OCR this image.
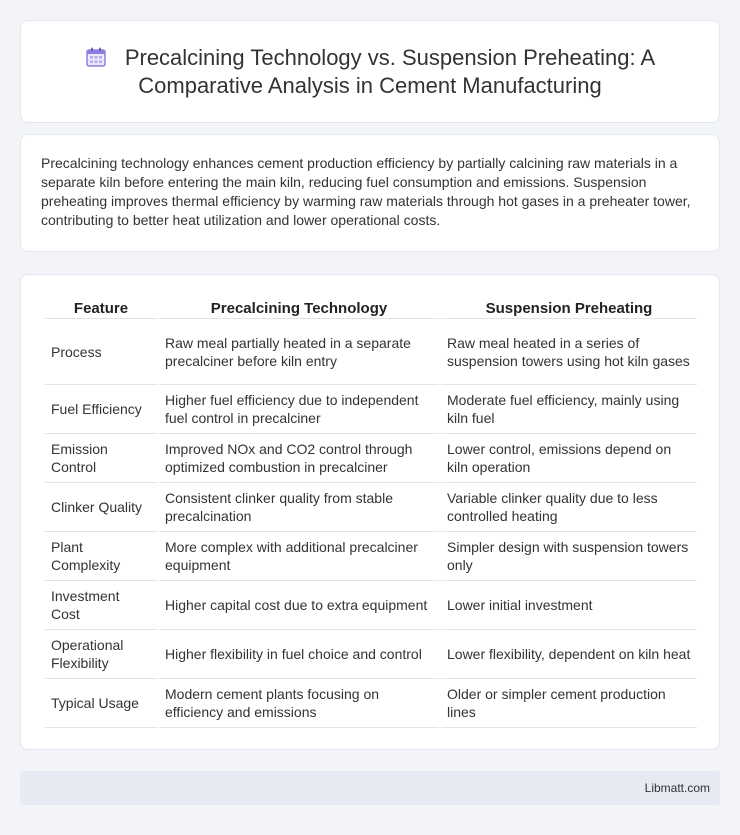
Precalcining Technology vs. Suspension Preheating: A Comparative Analysis in Cement Manufacturing

Precalcining technology enhances cement production efficiency by partially calcining raw materials in a separate kiln before entering the main kiln, reducing fuel consumption and emissions. Suspension preheating improves thermal efficiency by warming raw materials through hot gases in a preheater tower, contributing to better heat utilization and lower operational costs.

Feature	Precalcining Technology	Suspension Preheating
Process	Raw meal partially heated in a separate precalciner before kiln entry	Raw meal heated in a series of suspension towers using hot kiln gases
Fuel Efficiency	Higher fuel efficiency due to independent fuel control in precalciner	Moderate fuel efficiency, mainly using kiln fuel
Emission Control	Improved NOx and CO2 control through optimized combustion in precalciner	Lower control, emissions depend on kiln operation
Clinker Quality	Consistent clinker quality from stable precalcination	Variable clinker quality due to less controlled heating
Plant Complexity	More complex with additional precalciner equipment	Simpler design with suspension towers only
Investment Cost	Higher capital cost due to extra equipment	Lower initial investment
Operational Flexibility	Higher flexibility in fuel choice and control	Lower flexibility, dependent on kiln heat
Typical Usage	Modern cement plants focusing on efficiency and emissions	Older or simpler cement production lines
Libmatt.com
